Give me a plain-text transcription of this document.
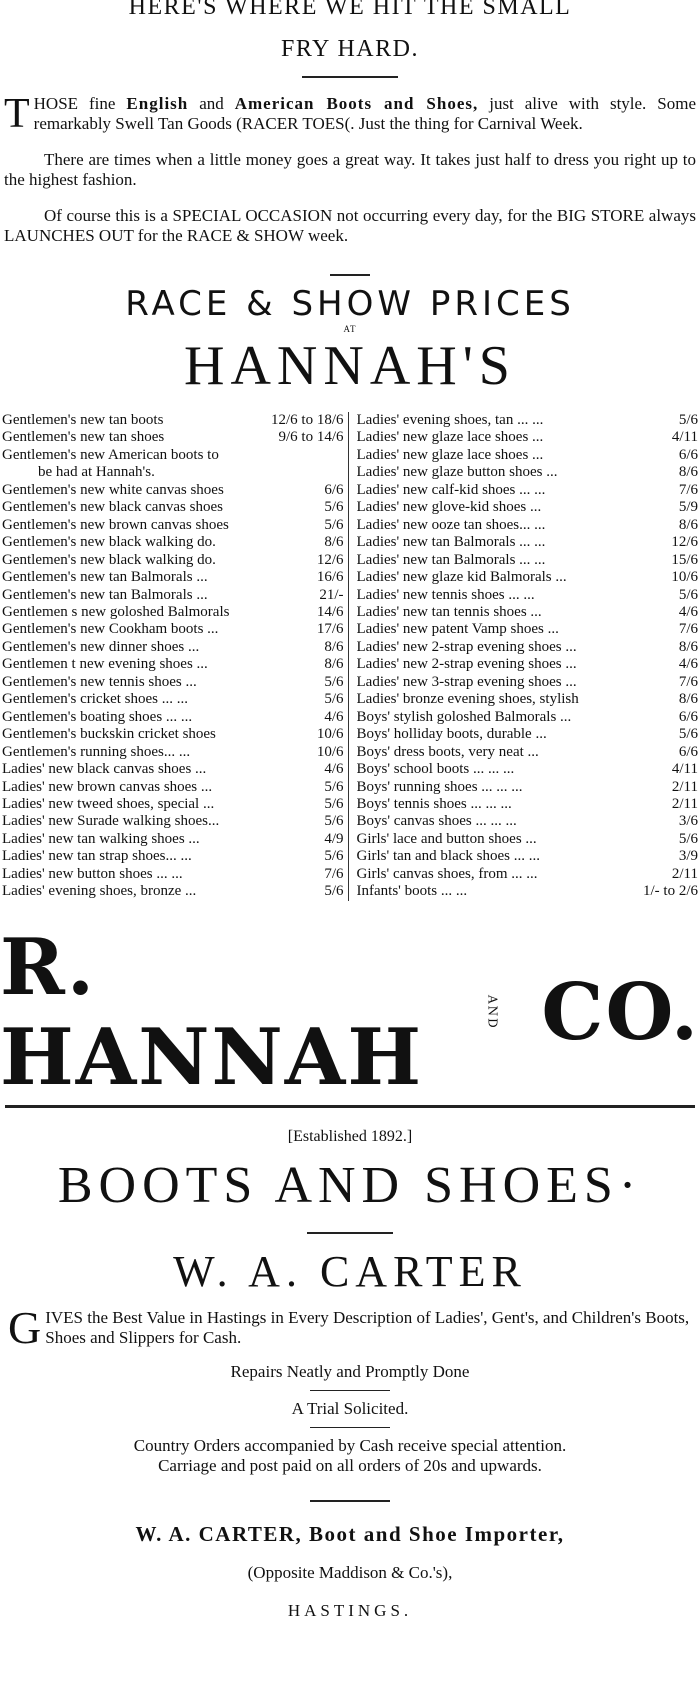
HERE'S WHERE WE HIT THE SMALL
FRY HARD.
THOSE fine English and American Boots and Shoes, just alive with style. Some remarkably Swell Tan Goods (RACER TOES(. Just the thing for Carnival Week.
There are times when a little money goes a great way. It takes just half to dress you right up to the highest fashion.
Of course this is a SPECIAL OCCASION not occurring every day, for the BIG STORE always LAUNCHES OUT for the RACE & SHOW week.
RACE & SHOW PRICES
AT
HANNAH'S
Gentlemen's new tan boots	12/6 to 18/6
Gentlemen's new tan shoes	9/6 to 14/6
Gentlemen's new American boots to
be had at Hannah's.
Gentlemen's new white canvas shoes	6/6
Gentlemen's new black canvas shoes	5/6
Gentlemen's new brown canvas shoes	5/6
Gentlemen's new black walking do.	8/6
Gentlemen's new black walking do.	12/6
Gentlemen's new tan Balmorals ...	16/6
Gentlemen's new tan Balmorals ...	21/-
Gentlemen s new goloshed Balmorals	14/6
Gentlemen's new Cookham boots ...	17/6
Gentlemen's new dinner shoes ...	8/6
Gentlemen t new evening shoes ...	8/6
Gentlemen's new tennis shoes ...	5/6
Gentlemen's cricket shoes ... ...	5/6
Gentlemen's boating shoes ... ...	4/6
Gentlemen's buckskin cricket shoes	10/6
Gentlemen's running shoes... ...	10/6
Ladies' new black canvas shoes ...	4/6
Ladies' new brown canvas shoes ...	5/6
Ladies' new tweed shoes, special ...	5/6
Ladies' new Surade walking shoes...	5/6
Ladies' new tan walking shoes ...	4/9
Ladies' new tan strap shoes... ...	5/6
Ladies' new button shoes ... ...	7/6
Ladies' evening shoes, bronze ...	5/6
Ladies' evening shoes, tan ... ...	5/6
Ladies' new glaze lace shoes ...	4/11
Ladies' new glaze lace shoes ...	6/6
Ladies' new glaze button shoes ...	8/6
Ladies' new calf-kid shoes ... ...	7/6
Ladies' new glove-kid shoes ...	5/9
Ladies' new ooze tan shoes... ...	8/6
Ladies' new tan Balmorals ... ...	12/6
Ladies' new tan Balmorals ... ...	15/6
Ladies' new glaze kid Balmorals ...	10/6
Ladies' new tennis shoes ... ...	5/6
Ladies' new tan tennis shoes ...	4/6
Ladies' new patent Vamp shoes ...	7/6
Ladies' new 2-strap evening shoes ...	8/6
Ladies' new 2-strap evening shoes ...	4/6
Ladies' new 3-strap evening shoes ...	7/6
Ladies' bronze evening shoes, stylish	8/6
Boys' stylish goloshed Balmorals ...	6/6
Boys' holliday boots, durable ...	5/6
Boys' dress boots, very neat ...	6/6
Boys' school boots ... ... ...	4/11
Boys' running shoes ... ... ...	2/11
Boys' tennis shoes ... ... ...	2/11
Boys' canvas shoes ... ... ...	3/6
Girls' lace and button shoes ...	5/6
Girls' tan and black shoes ... ...	3/9
Girls' canvas shoes, from ... ...	2/11
Infants' boots ... ...	1/- to 2/6
R. HANNAH	AND CO.
[Established 1892.]
BOOTS AND SHOES·
W. A. CARTER
GIVES the Best Value in Hastings in Every Description of Ladies', Gent's, and Children's Boots, Shoes and Slippers for Cash.
Repairs Neatly and Promptly Done
A Trial Solicited.
Country Orders accompanied by Cash receive special attention.
Carriage and post paid on all orders of 20s and upwards.
W. A. CARTER, Boot and Shoe Importer,
(Opposite Maddison & Co.'s),
HASTINGS.
